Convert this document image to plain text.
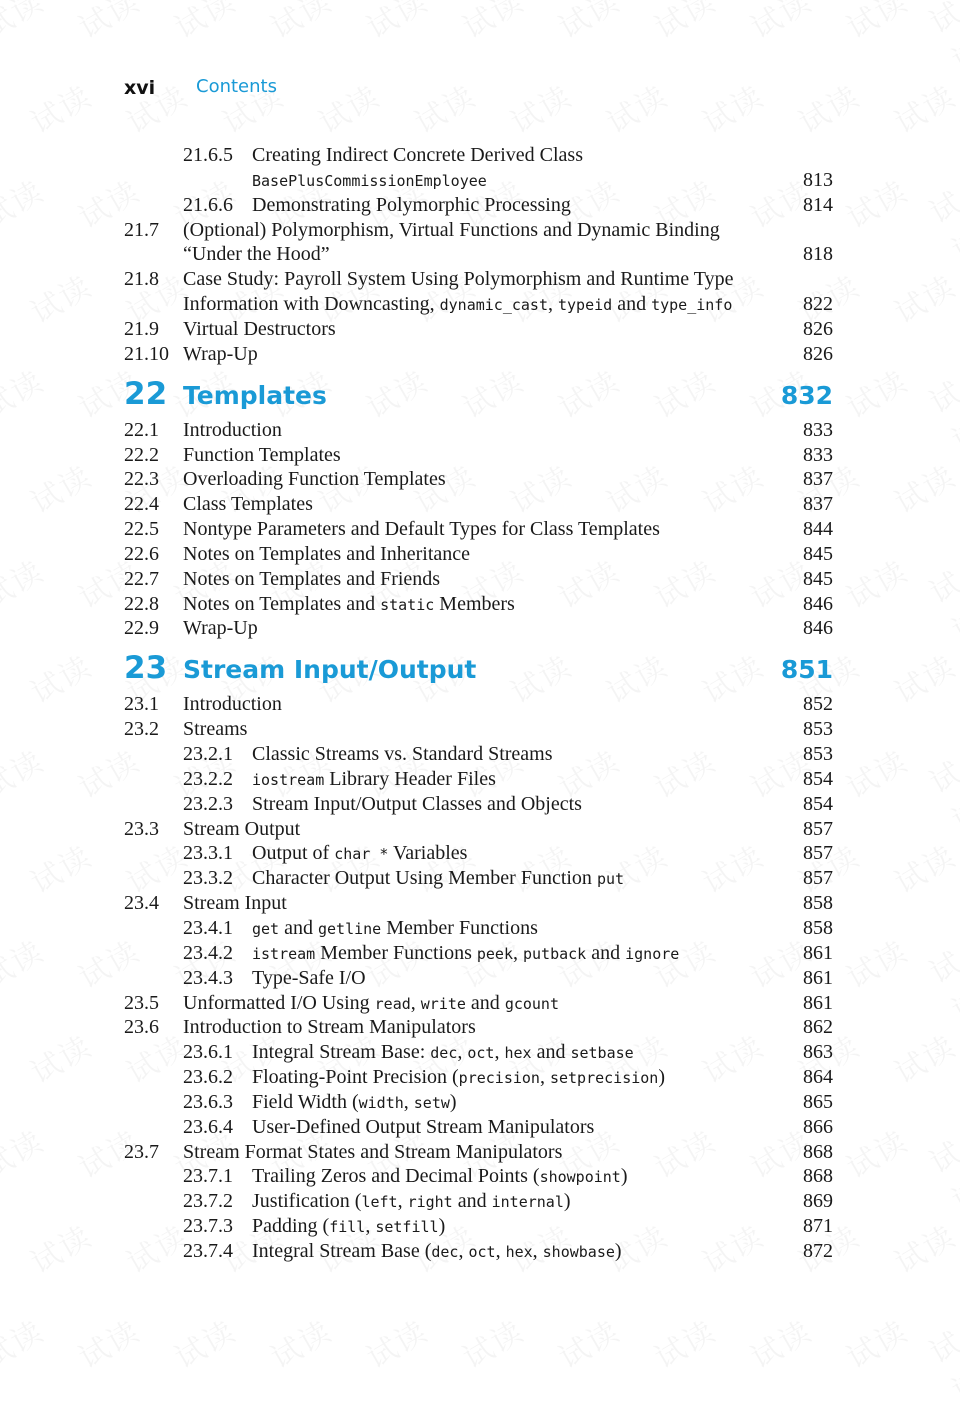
xvi Contents
21.6.5 Creating Indirect Concrete Derived Class
BasePlusCommissionEmployee	813
21.6.6 Demonstrating Polymorphic Processing	814
21.7 (Optional) Polymorphism, Virtual Functions and Dynamic Binding
“Under the Hood”	818
21.8 Case Study: Payroll System Using Polymorphism and Runtime Type
Information with Downcasting, dynamic_cast, typeid and type_info	822
21.9 Virtual Destructors	826
21.10 Wrap-Up	826
22 Templates	832
22.1 Introduction	833
22.2 Function Templates	833
22.3 Overloading Function Templates	837
22.4 Class Templates	837
22.5 Nontype Parameters and Default Types for Class Templates	844
22.6 Notes on Templates and Inheritance	845
22.7 Notes on Templates and Friends	845
22.8 Notes on Templates and static Members	846
22.9 Wrap-Up	846
23 Stream Input/Output	851
23.1 Introduction	852
23.2 Streams	853
23.2.1 Classic Streams vs. Standard Streams	853
23.2.2 iostream Library Header Files	854
23.2.3 Stream Input/Output Classes and Objects	854
23.3 Stream Output	857
23.3.1 Output of char * Variables	857
23.3.2 Character Output Using Member Function put	857
23.4 Stream Input	858
23.4.1 get and getline Member Functions	858
23.4.2 istream Member Functions peek, putback and ignore	861
23.4.3 Type-Safe I/O	861
23.5 Unformatted I/O Using read, write and gcount	861
23.6 Introduction to Stream Manipulators	862
23.6.1 Integral Stream Base: dec, oct, hex and setbase	863
23.6.2 Floating-Point Precision (precision, setprecision)	864
23.6.3 Field Width (width, setw)	865
23.6.4 User-Defined Output Stream Manipulators	866
23.7 Stream Format States and Stream Manipulators	868
23.7.1 Trailing Zeros and Decimal Points (showpoint)	868
23.7.2 Justification (left, right and internal)	869
23.7.3 Padding (fill, setfill)	871
23.7.4 Integral Stream Base (dec, oct, hex, showbase)	872
